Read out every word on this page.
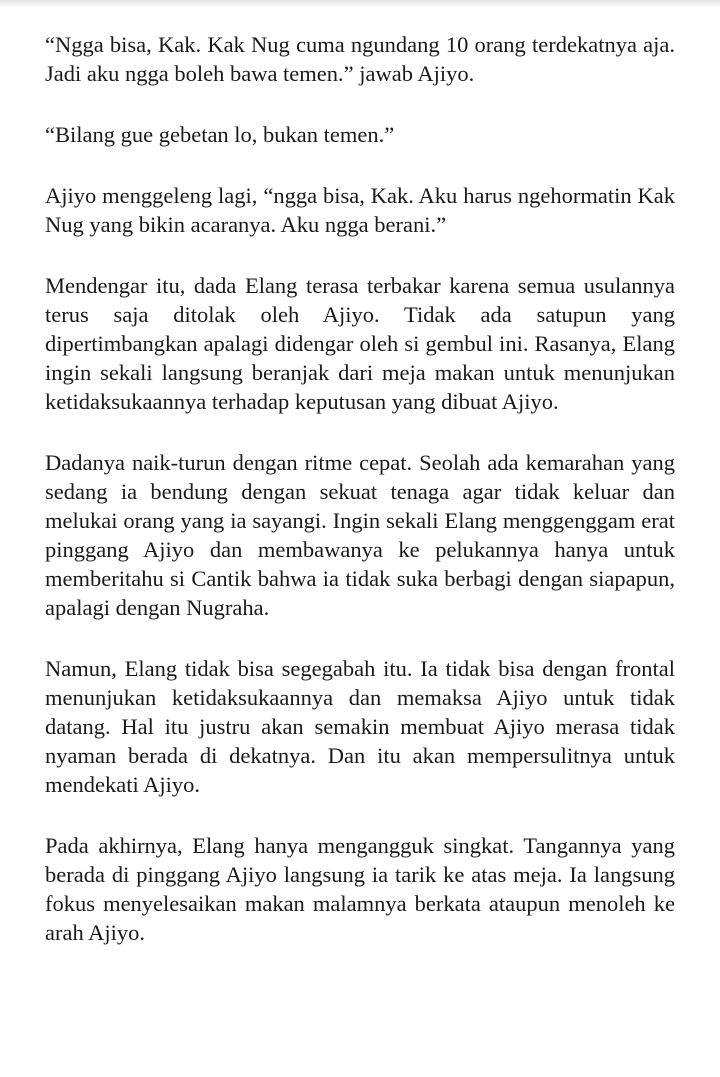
“Ngga bisa, Kak. Kak Nug cuma ngundang 10 orang terdekatnya aja. Jadi aku ngga boleh bawa temen.” jawab Ajiyo.

“Bilang gue gebetan lo, bukan temen.”

Ajiyo menggeleng lagi, “ngga bisa, Kak. Aku harus ngehormatin Kak Nug yang bikin acaranya. Aku ngga berani.”

Mendengar itu, dada Elang terasa terbakar karena semua usulannya terus saja ditolak oleh Ajiyo. Tidak ada satupun yang dipertimbangkan apalagi didengar oleh si gembul ini. Rasanya, Elang ingin sekali langsung beranjak dari meja makan untuk menunjukan ketidaksukaannya terhadap keputusan yang dibuat Ajiyo.

Dadanya naik-turun dengan ritme cepat. Seolah ada kemarahan yang sedang ia bendung dengan sekuat tenaga agar tidak keluar dan melukai orang yang ia sayangi. Ingin sekali Elang menggenggam erat pinggang Ajiyo dan membawanya ke pelukannya hanya untuk memberitahu si Cantik bahwa ia tidak suka berbagi dengan siapapun, apalagi dengan Nugraha.

Namun, Elang tidak bisa segegabah itu. Ia tidak bisa dengan frontal menunjukan ketidaksukaannya dan memaksa Ajiyo untuk tidak datang. Hal itu justru akan semakin membuat Ajiyo merasa tidak nyaman berada di dekatnya. Dan itu akan mempersulitnya untuk mendekati Ajiyo.

Pada akhirnya, Elang hanya mengangguk singkat. Tangannya yang berada di pinggang Ajiyo langsung ia tarik ke atas meja. Ia langsung fokus menyelesaikan makan malamnya berkata ataupun menoleh ke arah Ajiyo.
